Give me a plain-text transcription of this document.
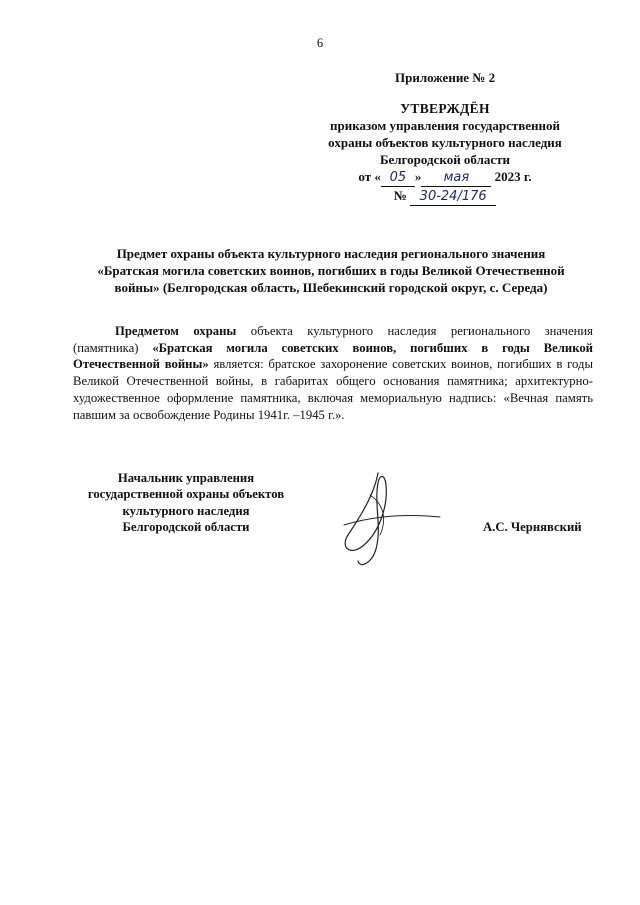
6
Приложение № 2
УТВЕРЖДЁН
приказом управления государственной
охраны объектов культурного наследия
Белгородской области
от « 05 » мая 2023 г.
№ 30-24/176
Предмет охраны объекта культурного наследия регионального значения
«Братская могила советских воинов, погибших в годы Великой Отечественной
войны» (Белгородская область, Шебекинский городской округ, с. Середа)

Предметом охраны объекта культурного наследия регионального значения (памятника) «Братская могила советских воинов, погибших в годы Великой Отечественной войны» является: братское захоронение советских воинов, погибших в годы Великой Отечественной войны, в габаритах общего основания памятника; архитектурно-художественное оформление памятника, включая мемориальную надпись: «Вечная память павшим за освобождение Родины 1941г. –1945 г.».

Начальник управления
государственной охраны объектов
культурного наследия
Белгородской области	А.С. Чернявский
